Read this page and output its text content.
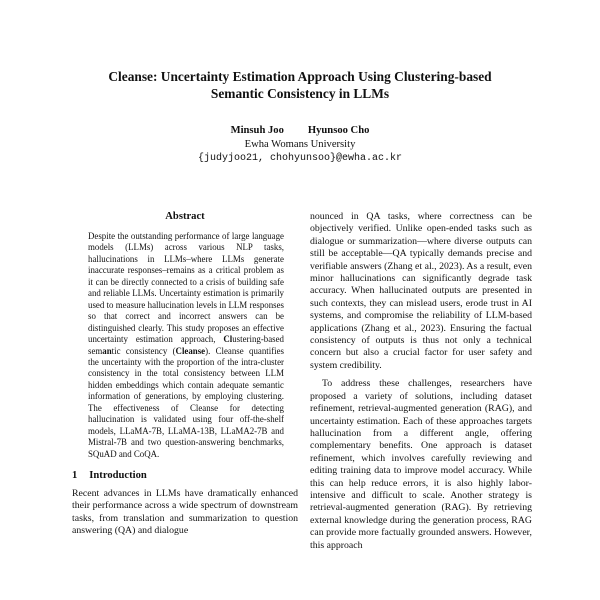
Cleanse: Uncertainty Estimation Approach Using Clustering-based
Semantic Consistency in LLMs
Minsuh Joo Hyunsoo Cho
Ewha Womans University
{judyjoo21, chohyunsoo}@ewha.ac.kr
Abstract

Despite the outstanding performance of large language models (LLMs) across various NLP tasks, hallucinations in LLMs–where LLMs generate inaccurate responses–remains as a critical problem as it can be directly connected to a crisis of building safe and reliable LLMs. Uncertainty estimation is primarily used to measure hallucination levels in LLM responses so that correct and incorrect answers can be distinguished clearly. This study proposes an effective uncertainty estimation approach, Clustering-based semantic consistency (Cleanse). Cleanse quantifies the uncertainty with the proportion of the intra-cluster consistency in the total consistency between LLM hidden embeddings which contain adequate semantic information of generations, by employing clustering. The effectiveness of Cleanse for detecting hallucination is validated using four off-the-shelf models, LLaMA-7B, LLaMA-13B, LLaMA2-7B and Mistral-7B and two question-answering benchmarks, SQuAD and CoQA.

1 Introduction

Recent advances in LLMs have dramatically enhanced their performance across a wide spectrum of downstream tasks, from translation and summarization to question answering (QA) and dialogue

nounced in QA tasks, where correctness can be objectively verified. Unlike open-ended tasks such as dialogue or summarization—where diverse outputs can still be acceptable—QA typically demands precise and verifiable answers (Zhang et al., 2023). As a result, even minor hallucinations can significantly degrade task accuracy. When hallucinated outputs are presented in such contexts, they can mislead users, erode trust in AI systems, and compromise the reliability of LLM-based applications (Zhang et al., 2023). Ensuring the factual consistency of outputs is thus not only a technical concern but also a crucial factor for user safety and system credibility.

To address these challenges, researchers have proposed a variety of solutions, including dataset refinement, retrieval-augmented generation (RAG), and uncertainty estimation. Each of these approaches targets hallucination from a different angle, offering complementary benefits. One approach is dataset refinement, which involves carefully reviewing and editing training data to improve model accuracy. While this can help reduce errors, it is also highly labor-intensive and difficult to scale. Another strategy is retrieval-augmented generation (RAG). By retrieving external knowledge during the generation process, RAG can provide more factually grounded answers. However, this approach
